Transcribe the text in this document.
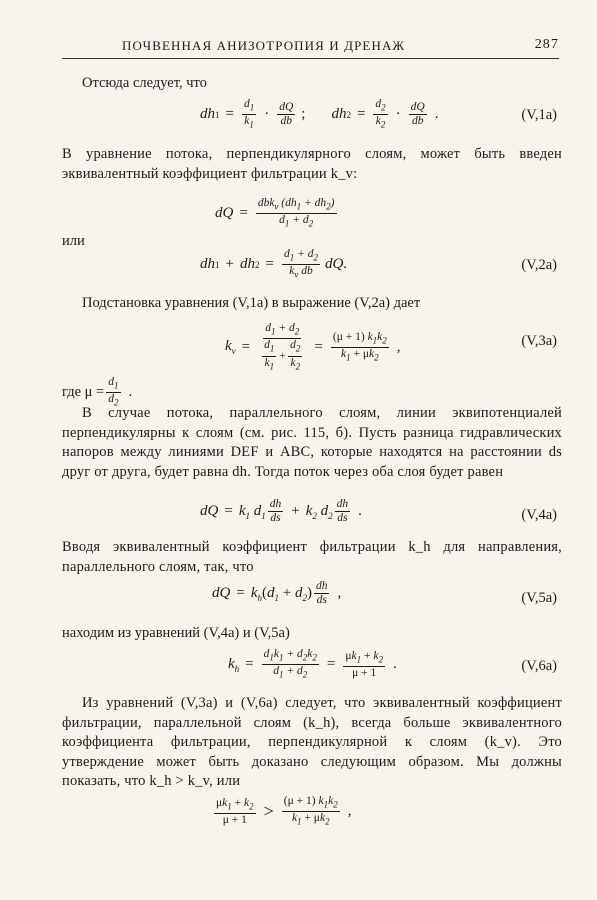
ПОЧВЕННАЯ АНИЗОТРОПИЯ И ДРЕНАЖ	287
Отсюда следует, что
dh $1 = \frac{d_1}{k_1} \cdot \frac{dQ}{db}$ ; dh $2 = \frac{d_2}{k_2} \cdot \frac{dQ}{db}$ .	(V,1а)

В уравнение потока, перпендикулярного слоям, может быть введен эквивалентный коэффициент фильтрации k_v:

dQ = $\frac{dbk_v (dh_1 + dh_2)}{d_1 + d_2}$
или
dh 1 + dh $2 = \frac{d_1 + d_2}{k_v db}$ dQ .	(V,2а)
Подстановка уравнения (V,1а) в выражение (V,2а) дает
$k_v = \frac{d_1 + d_2}{\frac{d_1}{k_1} + \frac{d_2}{k_2}} = \frac{(\mu + 1) k_1k_2}{k_1 + \mu k_2}$ ,	(V,3а)
где $\mu = \frac{d_1}{d_2}$ .

В случае потока, параллельного слоям, линии эквипотенциалей перпендикулярны к слоям (см. рис. 115, б). Пусть разница гидравлических напоров между линиями DEF и ABC, которые находятся на расстоянии ds друг от друга, будет равна dh. Тогда поток через оба слоя будет равен

dQ = $k_1$ $d_1 \frac{dh}{ds} + k_2$ $d_2 \frac{dh}{ds}$ .	(V,4а)

Вводя эквивалентный коэффициент фильтрации k_h для направления, параллельного слоям, так, что

dQ = $k_h$ $(d_1 + d_2) \frac{dh}{ds}$ ,	(V,5а)
находим из уравнений (V,4а) и (V,5а)
$k_h = \frac{d_1k_1 + d_2k_2}{d_1 + d_2} = \frac{\mu k_1 + k_2}{\mu + 1}$ .	(V,6а)

Из уравнений (V,3а) и (V,6а) следует, что эквивалентный коэффициент фильтрации, параллельной слоям (k_h), всегда больше эквивалентного коэффициента фильтрации, перпендикулярной к слоям (k_v). Это утверждение может быть доказано следующим образом. Мы должны показать, что k_h > k_v, или

$\frac{\mu k_1 + k_2}{\mu + 1} > \frac{(\mu + 1) k_1k_2}{k_1 + \mu k_2}$ ,
